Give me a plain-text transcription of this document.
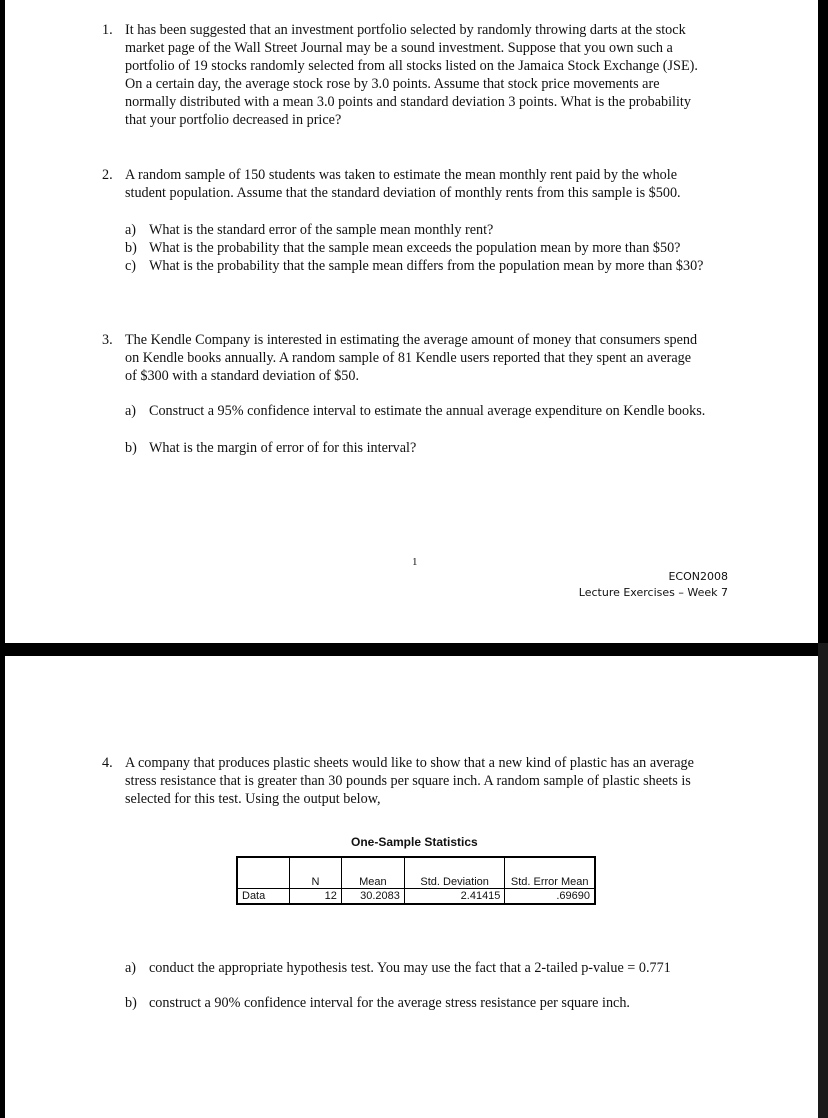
1. It has been suggested that an investment portfolio selected by randomly throwing darts at the stock
market page of the Wall Street Journal may be a sound investment. Suppose that you own such a
portfolio of 19 stocks randomly selected from all stocks listed on the Jamaica Stock Exchange (JSE).
On a certain day, the average stock rose by 3.0 points. Assume that stock price movements are
normally distributed with a mean 3.0 points and standard deviation 3 points. What is the probability
that your portfolio decreased in price?
2. A random sample of 150 students was taken to estimate the mean monthly rent paid by the whole
student population. Assume that the standard deviation of monthly rents from this sample is $500.
a) What is the standard error of the sample mean monthly rent?
b) What is the probability that the sample mean exceeds the population mean by more than $50?
c) What is the probability that the sample mean differs from the population mean by more than $30?
3. The Kendle Company is interested in estimating the average amount of money that consumers spend
on Kendle books annually. A random sample of 81 Kendle users reported that they spent an average
of $300 with a standard deviation of $50.
a) Construct a 95% confidence interval to estimate the annual average expenditure on Kendle books.
b) What is the margin of error of for this interval?
1
ECON2008
Lecture Exercises – Week 7
4. A company that produces plastic sheets would like to show that a new kind of plastic has an average
stress resistance that is greater than 30 pounds per square inch. A random sample of plastic sheets is
selected for this test. Using the output below,
One-Sample Statistics
	N	Mean	Std. Deviation	Std. Error Mean
Data	12	30.2083	2.41415	.69690
a) conduct the appropriate hypothesis test. You may use the fact that a 2-tailed p-value = 0.771
b) construct a 90% confidence interval for the average stress resistance per square inch.
